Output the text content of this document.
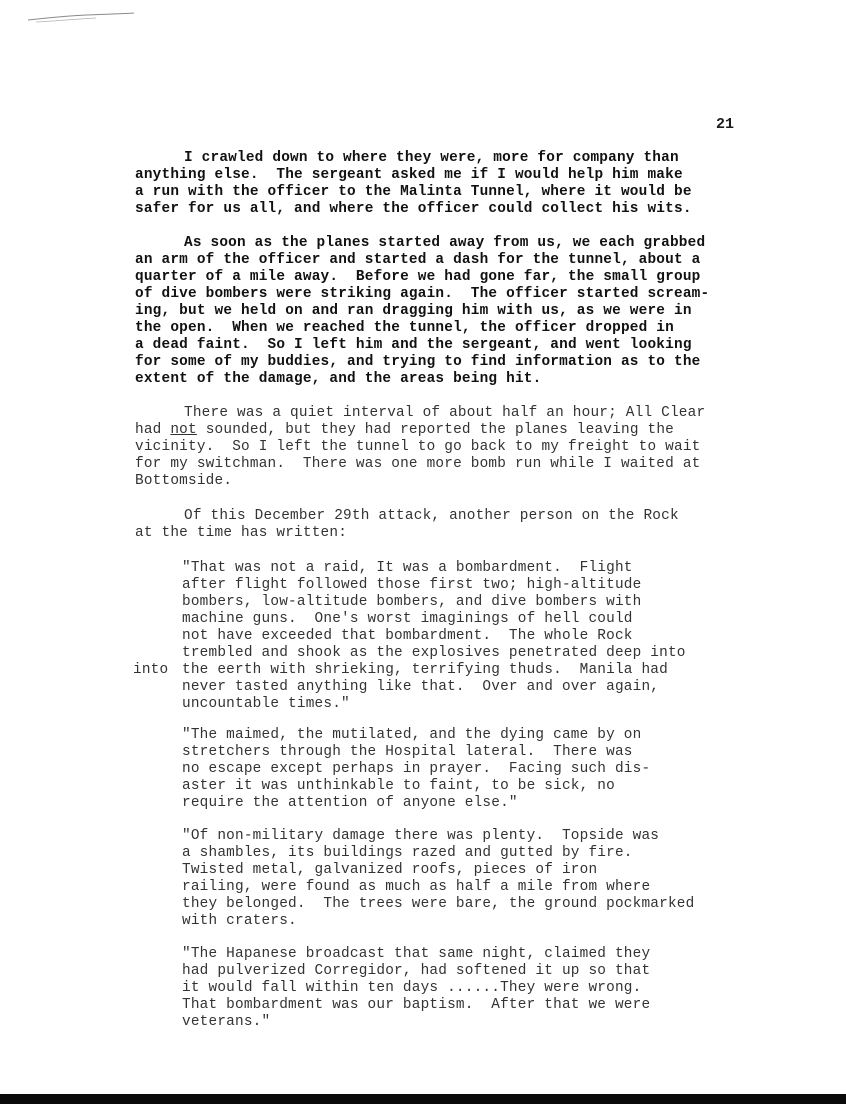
21
I crawled down to where they were, more for company than
anything else.  The sergeant asked me if I would help him make
a run with the officer to the Malinta Tunnel, where it would be
safer for us all, and where the officer could collect his wits.
As soon as the planes started away from us, we each grabbed
an arm of the officer and started a dash for the tunnel, about a
quarter of a mile away.  Before we had gone far, the small group
of dive bombers were striking again.  The officer started scream-
ing, but we held on and ran dragging him with us, as we were in
the open.  When we reached the tunnel, the officer dropped in
a dead faint.  So I left him and the sergeant, and went looking
for some of my buddies, and trying to find information as to the
extent of the damage, and the areas being hit.
There was a quiet interval of about half an hour; All Clear
had not sounded, but they had reported the planes leaving the
vicinity.  So I left the tunnel to go back to my freight to wait
for my switchman.  There was one more bomb run while I waited at
Bottomside.
Of this December 29th attack, another person on the Rock
at the time has written:
"That was not a raid, It was a bombardment.  Flight
after flight followed those first two; high-altitude
bombers, low-altitude bombers, and dive bombers with
machine guns.  One's worst imaginings of hell could
not have exceeded that bombardment.  The whole Rock
trembled and shook as the explosives penetrated deep into
into the eerth with shrieking, terrifying thuds.  Manila had
never tasted anything like that.  Over and over again,
uncountable times."
"The maimed, the mutilated, and the dying came by on
stretchers through the Hospital lateral.  There was
no escape except perhaps in prayer.  Facing such dis-
aster it was unthinkable to faint, to be sick, no
require the attention of anyone else."
"Of non-military damage there was plenty.  Topside was
a shambles, its buildings razed and gutted by fire.
Twisted metal, galvanized roofs, pieces of iron
railing, were found as much as half a mile from where
they belonged.  The trees were bare, the ground pockmarked
with craters.
"The Hapanese broadcast that same night, claimed they
had pulverized Corregidor, had softened it up so that
it would fall within ten days ......They were wrong.
That bombardment was our baptism.  After that we were
veterans."
